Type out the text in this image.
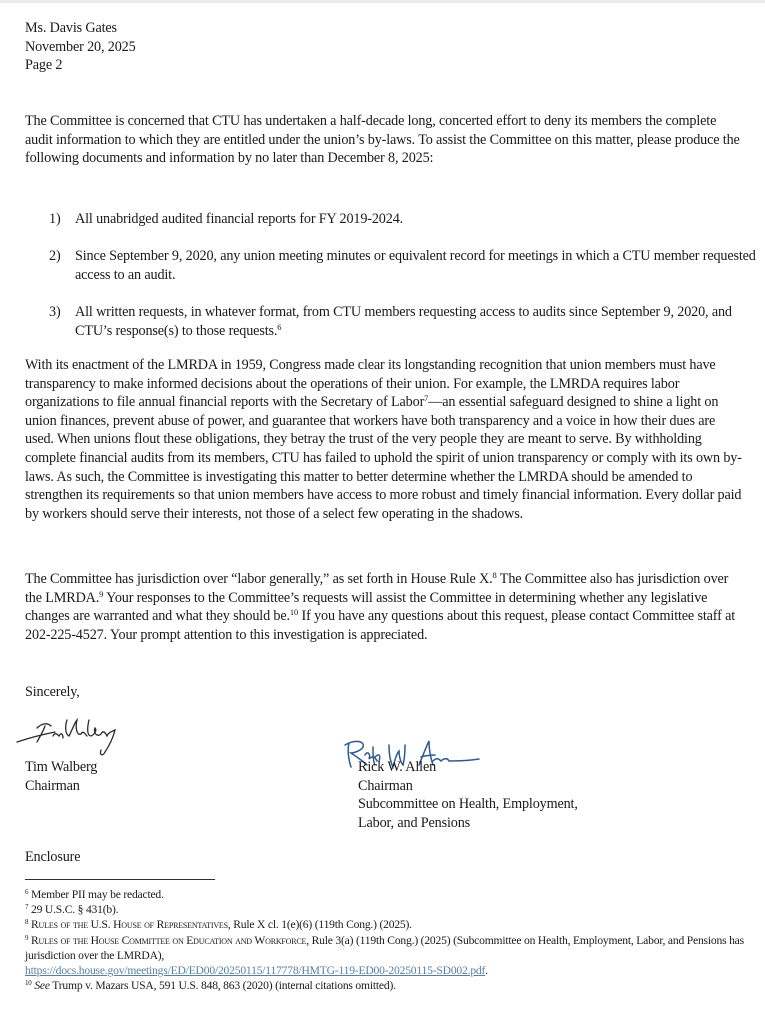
Ms. Davis Gates
November 20, 2025
Page 2
The Committee is concerned that CTU has undertaken a half-decade long, concerted effort to deny its members the complete audit information to which they are entitled under the union’s by-laws. To assist the Committee on this matter, please produce the following documents and information by no later than December 8, 2025:
1) All unabridged audited financial reports for FY 2019-2024.
2) Since September 9, 2020, any union meeting minutes or equivalent record for meetings in which a CTU member requested access to an audit.
3) All written requests, in whatever format, from CTU members requesting access to audits since September 9, 2020, and CTU’s response(s) to those requests.$^6$
With its enactment of the LMRDA in 1959, Congress made clear its longstanding recognition that union members must have transparency to make informed decisions about the operations of their union. For example, the LMRDA requires labor organizations to file annual financial reports with the Secretary of Labor$^7$—an essential safeguard designed to shine a light on union finances, prevent abuse of power, and guarantee that workers have both transparency and a voice in how their dues are used. When unions flout these obligations, they betray the trust of the very people they are meant to serve. By withholding complete financial audits from its members, CTU has failed to uphold the spirit of union transparency or comply with its own by-laws. As such, the Committee is investigating this matter to better determine whether the LMRDA should be amended to strengthen its requirements so that union members have access to more robust and timely financial information. Every dollar paid by workers should serve their interests, not those of a select few operating in the shadows.
The Committee has jurisdiction over “labor generally,” as set forth in House Rule X.$^8$ The Committee also has jurisdiction over the LMRDA.$^9$ Your responses to the Committee’s requests will assist the Committee in determining whether any legislative changes are warranted and what they should be.$^{10}$ If you have any questions about this request, please contact Committee staff at 202-225-4527. Your prompt attention to this investigation is appreciated.
Sincerely,
Tim Walberg
Chairman
Rick W. Allen
Chairman
Subcommittee on Health, Employment,
Labor, and Pensions
Enclosure
$^6$ Member PII may be redacted.
$^7$ 29 U.S.C. § 431(b).
$^8$ Rules of the U.S. House of Representatives, Rule X cl. 1(e)(6) (119th Cong.) (2025).
$^9$ Rules of the House Committee on Education and Workforce, Rule 3(a) (119th Cong.) (2025) (Subcommittee on Health, Employment, Labor, and Pensions has jurisdiction over the LMRDA),
https://docs.house.gov/meetings/ED/ED00/20250115/117778/HMTG-119-ED00-20250115-SD002.pdf.
$^{10}$ See Trump v. Mazars USA, 591 U.S. 848, 863 (2020) (internal citations omitted).
